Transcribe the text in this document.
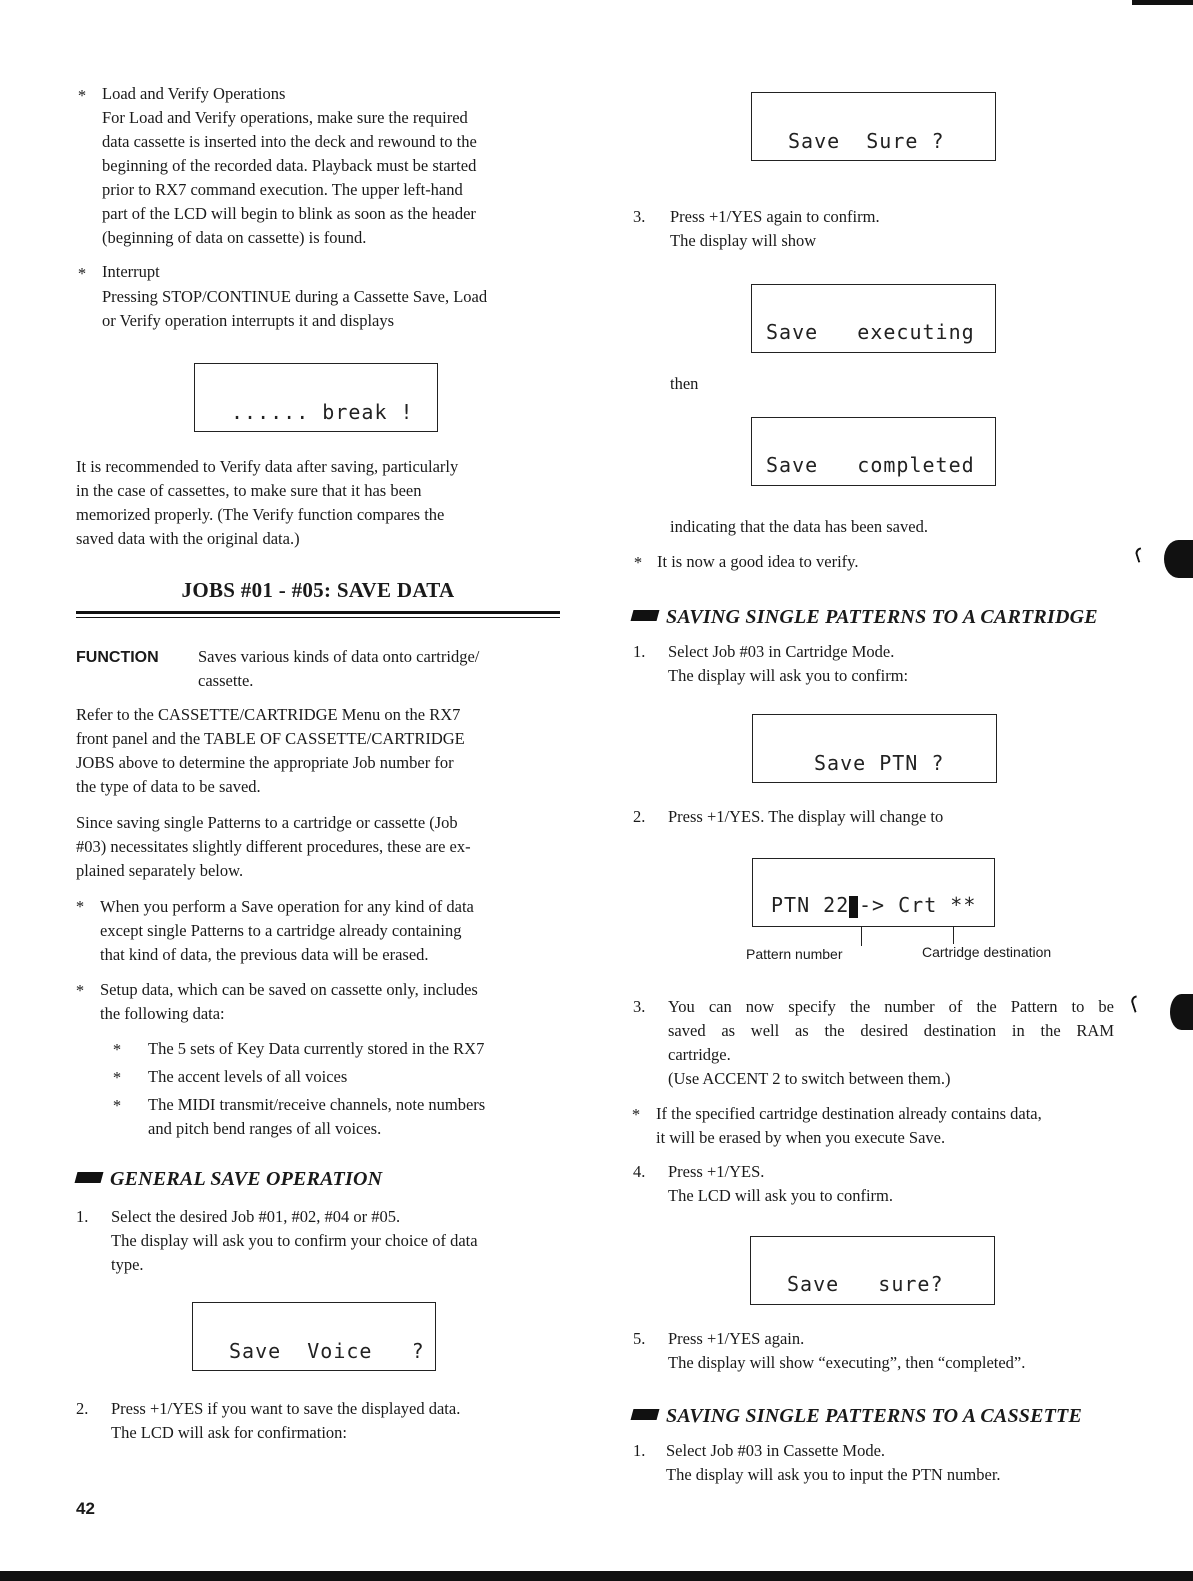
* Load and Verify Operations

For Load and Verify operations, make sure the required

data cassette is inserted into the deck and rewound to the

beginning of the recorded data. Playback must be started

prior to RX7 command execution. The upper left-hand

part of the LCD will begin to blink as soon as the header

(beginning of data on cassette) is found.

* Interrupt

Pressing STOP/CONTINUE during a Cassette Save, Load

or Verify operation interrupts it and displays

...... break !

It is recommended to Verify data after saving, particularly

in the case of cassettes, to make sure that it has been

memorized properly. (The Verify function compares the

saved data with the original data.)

JOBS #01 - #05: SAVE DATA

FUNCTION Saves various kinds of data onto cartridge/

cassette.

Refer to the CASSETTE/CARTRIDGE Menu on the RX7

front panel and the TABLE OF CASSETTE/CARTRIDGE

JOBS above to determine the appropriate Job number for

the type of data to be saved.

Since saving single Patterns to a cartridge or cassette (Job

#03) necessitates slightly different procedures, these are ex-

plained separately below.

* When you perform a Save operation for any kind of data

except single Patterns to a cartridge already containing

that kind of data, the previous data will be erased.

* Setup data, which can be saved on cassette only, includes

the following data:

* The 5 sets of Key Data currently stored in the RX7

* The accent levels of all voices

* The MIDI transmit/receive channels, note numbers

and pitch bend ranges of all voices.

GENERAL SAVE OPERATION
1.	Select the desired Job #01, #02, #04 or #05.

The display will ask you to confirm your choice of data

type.

Save  Voice   ?
2.	Press +1/YES if you want to save the displayed data.

The LCD will ask for confirmation:

42

Save  Sure ?
3.	Press +1/YES again to confirm.

The display will show

Save   executing

then

Save   completed

indicating that the data has been saved.

* It is now a good idea to verify.

SAVING SINGLE PATTERNS TO A CARTRIDGE
1.	Select Job #03 in Cartridge Mode.

The display will ask you to confirm:

Save PTN ?
2.	Press +1/YES. The display will change to

PTN 22 -> Crt **

Pattern number	Cartridge destination

3.	You can now specify the number of the Pattern to be

saved as well as the desired destination in the RAM

cartridge.

(Use ACCENT 2 to switch between them.)

* If the specified cartridge destination already contains data,

it will be erased by when you execute Save.

4.	Press +1/YES.

The LCD will ask you to confirm.

Save   sure?
5.	Press +1/YES again.

The display will show “executing”, then “completed”.

SAVING SINGLE PATTERNS TO A CASSETTE
1.	Select Job #03 in Cassette Mode.

The display will ask you to input the PTN number.
